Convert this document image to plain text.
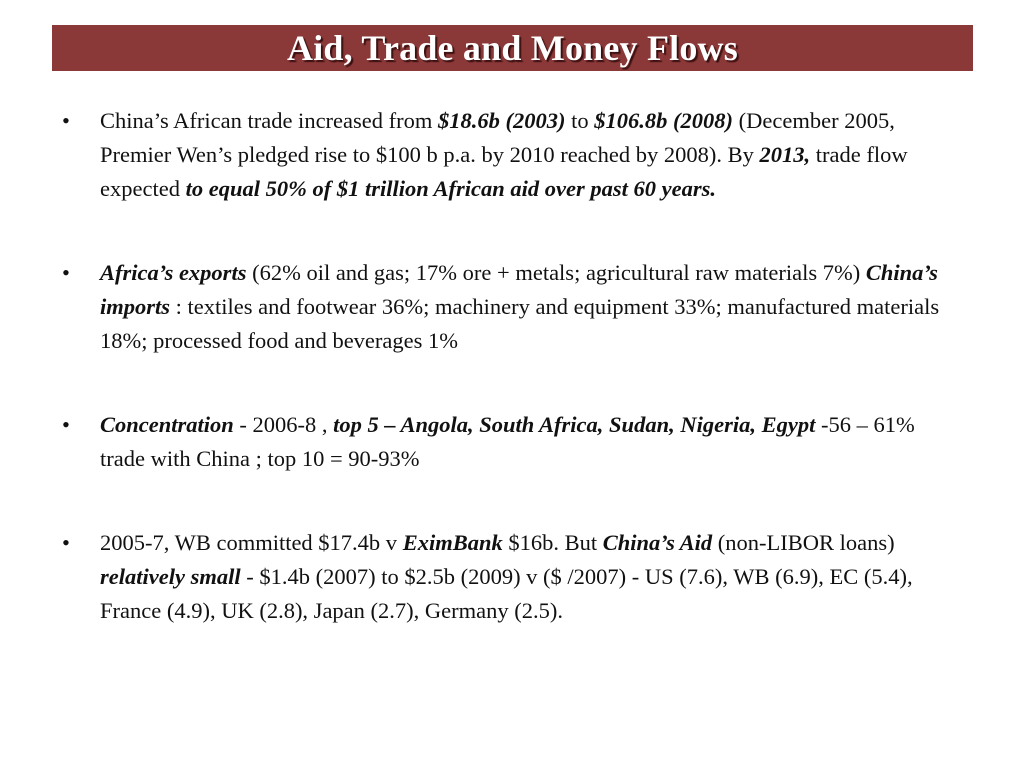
Aid, Trade and Money Flows
• China’s African trade increased from $18.6b (2003) to $106.8b (2008) (December 2005, Premier Wen’s pledged rise to $100 b p.a. by 2010 reached by 2008). By 2013, trade flow expected to equal 50% of $1 trillion African aid over past 60 years.
• Africa’s exports (62% oil and gas; 17% ore + metals; agricultural raw materials 7%) China’s imports : textiles and footwear 36%; machinery and equipment 33%; manufactured materials 18%; processed food and beverages 1%
• Concentration - 2006-8 , top 5 – Angola, South Africa, Sudan, Nigeria, Egypt -56 – 61% trade with China ; top 10 = 90-93%
• 2005-7, WB committed $17.4b v EximBank $16b. But China’s Aid (non-LIBOR loans) relatively small - $1.4b (2007) to $2.5b (2009) v ($ /2007) - US (7.6), WB (6.9), EC (5.4), France (4.9), UK (2.8), Japan (2.7), Germany (2.5).
